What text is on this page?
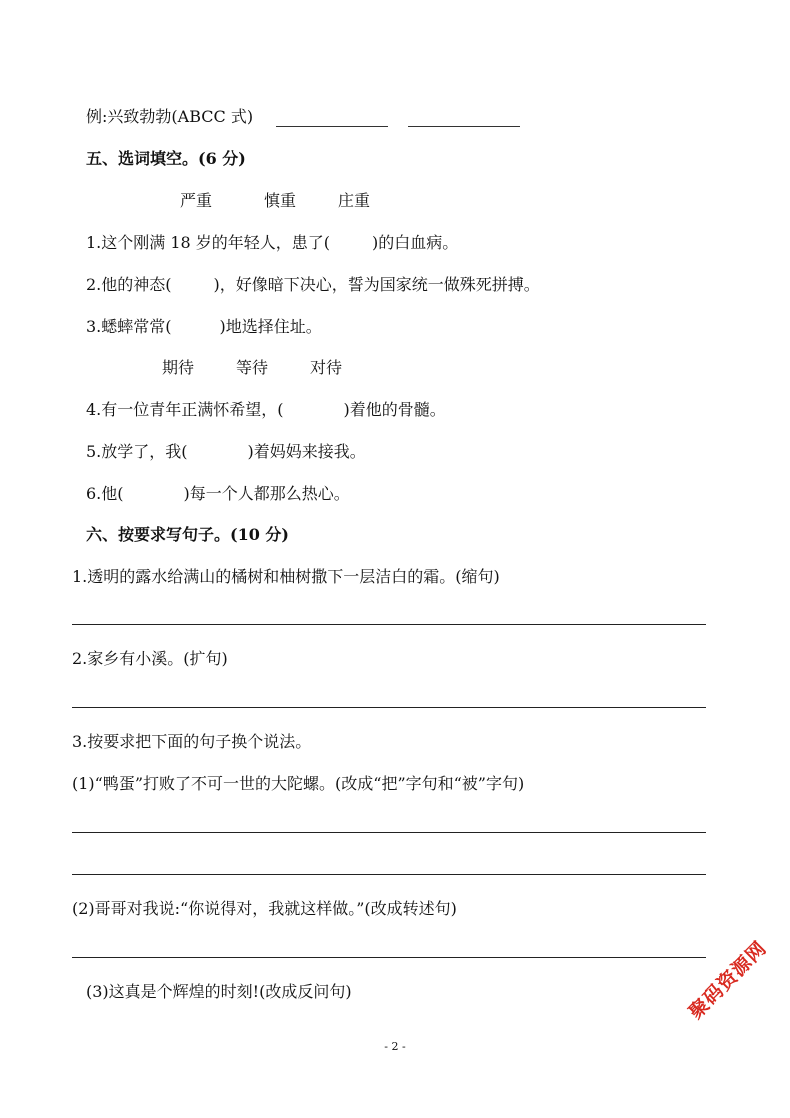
例:兴致勃勃(ABCC 式)
五、选词填空。(6 分)
严重	慎重	庄重
1.这个刚满 18 岁的年轻人，患了(	)的白血病。
2.他的神态(	)，好像暗下决心，誓为国家统一做殊死拼搏。
3.蟋蟀常常(	)地选择住址。
期待	等待	对待
4.有一位青年正满怀希望，(	)着他的骨髓。
5.放学了，我(	)着妈妈来接我。
6.他(	)每一个人都那么热心。
六、按要求写句子。(10 分)
1.透明的露水给满山的橘树和柚树撒下一层洁白的霜。(缩句)
2.家乡有小溪。(扩句)
3.按要求把下面的句子换个说法。
(1)“鸭蛋”打败了不可一世的大陀螺。(改成“把”字句和“被”字句)
(2)哥哥对我说:“你说得对，我就这样做。”(改成转述句)
(3)这真是个辉煌的时刻!(改成反问句)
- 2 -
聚码资源网
